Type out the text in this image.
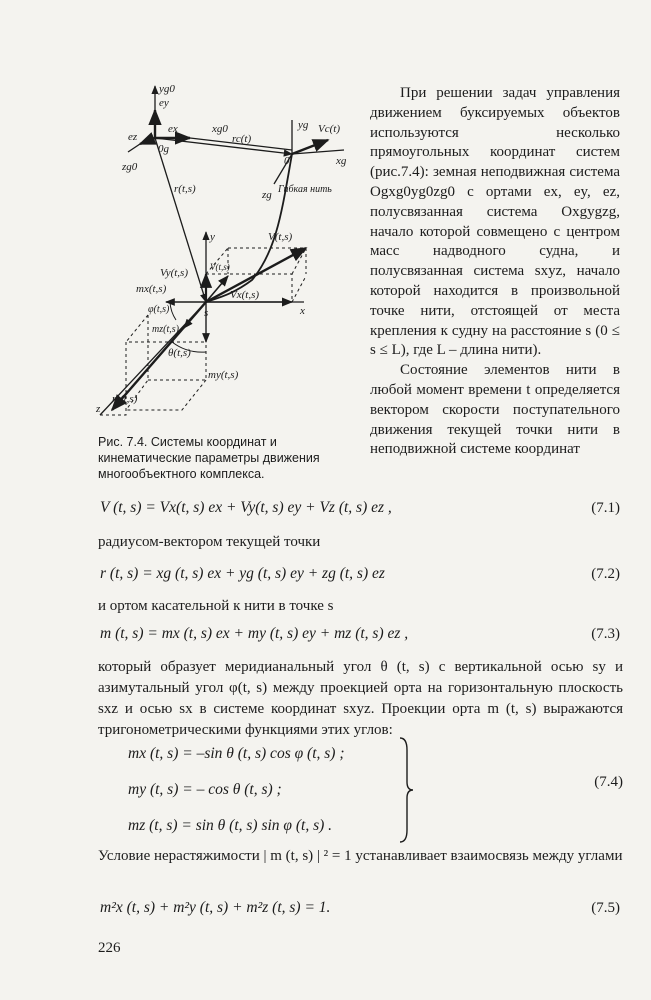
yg0
ey
ex
ez
xg0
0g
zg0
rc(t)
yg Vc(t)
0	xg
r(t,s)	zg Гибкая нить
y	V(t,s)
Vy(t,s) V(t,s)
mx(t,s)	Vx(t,s)
φ(t,s)	s	x
mz(t,s)
θ(t,s)
my(t,s)
m(t,s)
z
Рис. 7.4. Системы координат и кинематические параметры движения многообъектного комплекса.

При решении задач управления движением буксируемых объектов используются несколько прямоугольных координат систем (рис.7.4): земная неподвижная система Ogxg0yg0zg0 с ортами ex, ey, ez, полусвязанная система Oxgygzg, начало которой совмещено с центром масс надводного судна, и полусвязанная система sxyz, начало которой находится в произвольной точке нити, отстоящей от места крепления к судну на расстояние s (0 ≤ s ≤ L), где L – длина нити).

Состояние элементов нити в любой момент времени t определяется вектором скорости поступательного движения текущей точки нити в неподвижной системе координат

V (t, s) = Vx(t, s) ex + Vy(t, s) ey + Vz (t, s) ez ,	(7.1)
радиусом-вектором текущей точки
r (t, s) = xg (t, s) ex + yg (t, s) ey + zg (t, s) ez	(7.2)
и ортом касательной к нити в точке s
m (t, s) = mx (t, s) ex + my (t, s) ey + mz (t, s) ez ,	(7.3)
который образует меридианальный угол θ (t, s) с вертикальной осью sy и азимутальный угол φ(t, s) между проекцией орта на горизонтальную плоскость sxz и осью sx в системе координат sxyz. Проекции орта m (t, s) выражаются тригонометрическими функциями этих углов:
mx (t, s) = –sin θ (t, s) cos φ (t, s) ;
my (t, s) = – cos θ (t, s) ;
mz (t, s) = sin θ (t, s) sin φ (t, s) .
(7.4)
Условие нерастяжимости | m (t, s) | ² = 1 устанавливает взаимосвязь между углами
m²x (t, s) + m²y (t, s) + m²z (t, s) = 1.	(7.5)
226
